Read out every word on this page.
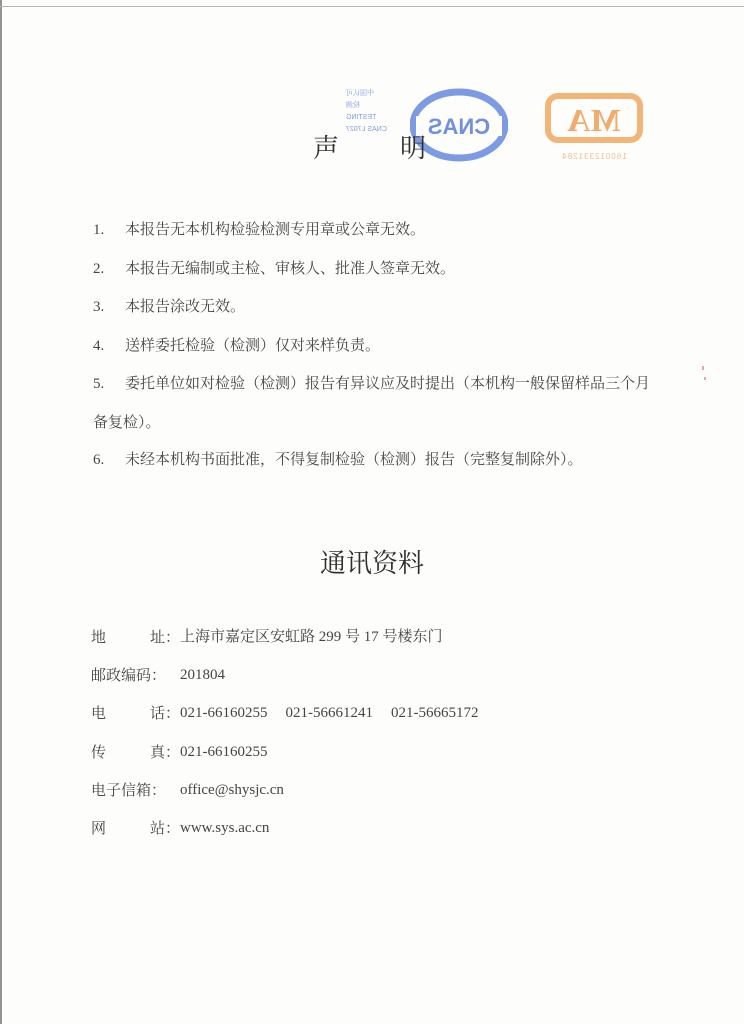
中国认可
检测
TESTING
CNAS L7027	CNAS MA
160012331284
声 明
1. 本报告无本机构检验检测专用章或公章无效。
2. 本报告无编制或主检、审核人、批准人签章无效。
3. 本报告涂改无效。
4. 送样委托检验（检测）仅对来样负责。
5. 委托单位如对检验（检测）报告有异议应及时提出（本机构一般保留样品三个月备复检）。
6. 未经本机构书面批准，不得复制检验（检测）报告（完整复制除外）。
通讯资料
地	址： 上海市嘉定区安虹路 299 号 17 号楼东门
邮政编码： 201804
电	话： 021-66160255 021-56661241 021-56665172
传	真： 021-66160255
电子信箱： office@shysjc.cn
网	站： www.sys.ac.cn
